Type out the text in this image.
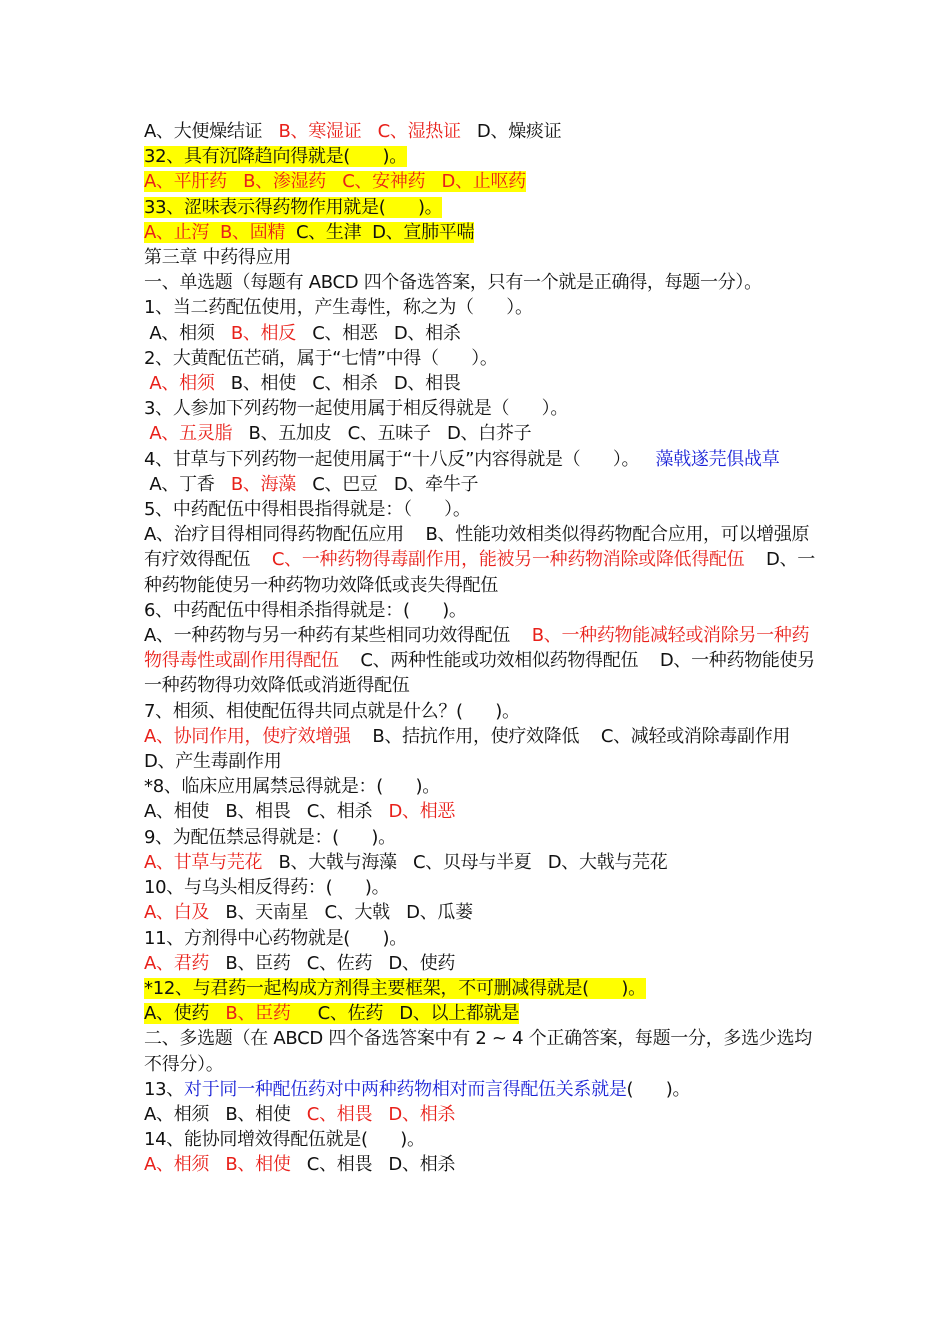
A、大便燥结证   B、寒湿证   C、湿热证   D、燥痰证
32、具有沉降趋向得就是(      )。
A、平肝药   B、渗湿药   C、安神药   D、止呕药
33、涩味表示得药物作用就是(      )。
A、止泻  B、固精  C、生津  D、宣肺平喘
第三章 中药得应用
一、单选题（每题有 ABCD 四个备选答案，只有一个就是正确得，每题一分）。
1、当二药配伍使用，产生毒性，称之为（      ）。
A、相须   B、相反   C、相恶   D、相杀
2、大黄配伍芒硝，属于“七情”中得（      ）。
A、相须   B、相使   C、相杀   D、相畏
3、人参加下列药物一起使用属于相反得就是（      ）。
A、五灵脂   B、五加皮   C、五味子   D、白芥子
4、甘草与下列药物一起使用属于“十八反”内容得就是（      ）。   藻戟遂芫俱战草
A、丁香   B、海藻   C、巴豆   D、牵牛子
5、中药配伍中得相畏指得就是：（      ）。
A、治疗目得相同得药物配伍应用    B、性能功效相类似得药物配合应用，可以增强原有疗效得配伍    C、一种药物得毒副作用，能被另一种药物消除或降低得配伍    D、一种药物能使另一种药物功效降低或丧失得配伍
6、中药配伍中得相杀指得就是：(      )。
A、一种药物与另一种药有某些相同功效得配伍    B、一种药物能减轻或消除另一种药物得毒性或副作用得配伍    C、两种性能或功效相似药物得配伍    D、一种药物能使另一种药物得功效降低或消逝得配伍
7、相须、相使配伍得共同点就是什么？(      )。
A、协同作用，使疗效增强    B、拮抗作用，使疗效降低    C、减轻或消除毒副作用
D、产生毒副作用
*8、临床应用属禁忌得就是：(      )。
A、相使   B、相畏   C、相杀   D、相恶
9、为配伍禁忌得就是：(      )。
A、甘草与芫花   B、大戟与海藻   C、贝母与半夏   D、大戟与芫花
10、与乌头相反得药：(      )。
A、白及   B、天南星   C、大戟   D、瓜蒌
11、方剂得中心药物就是(      )。
A、君药   B、臣药   C、佐药   D、使药
*12、与君药一起构成方剂得主要框架，不可删减得就是(      )。
A、使药   B、臣药     C、佐药   D、以上都就是
二、多选题（在 ABCD 四个备选答案中有 2 ~ 4 个正确答案，每题一分，多选少选均不得分）。
13、对于同一种配伍药对中两种药物相对而言得配伍关系就是(      )。
A、相须   B、相使   C、相畏   D、相杀
14、能协同增效得配伍就是(      )。
A、相须   B、相使   C、相畏   D、相杀
